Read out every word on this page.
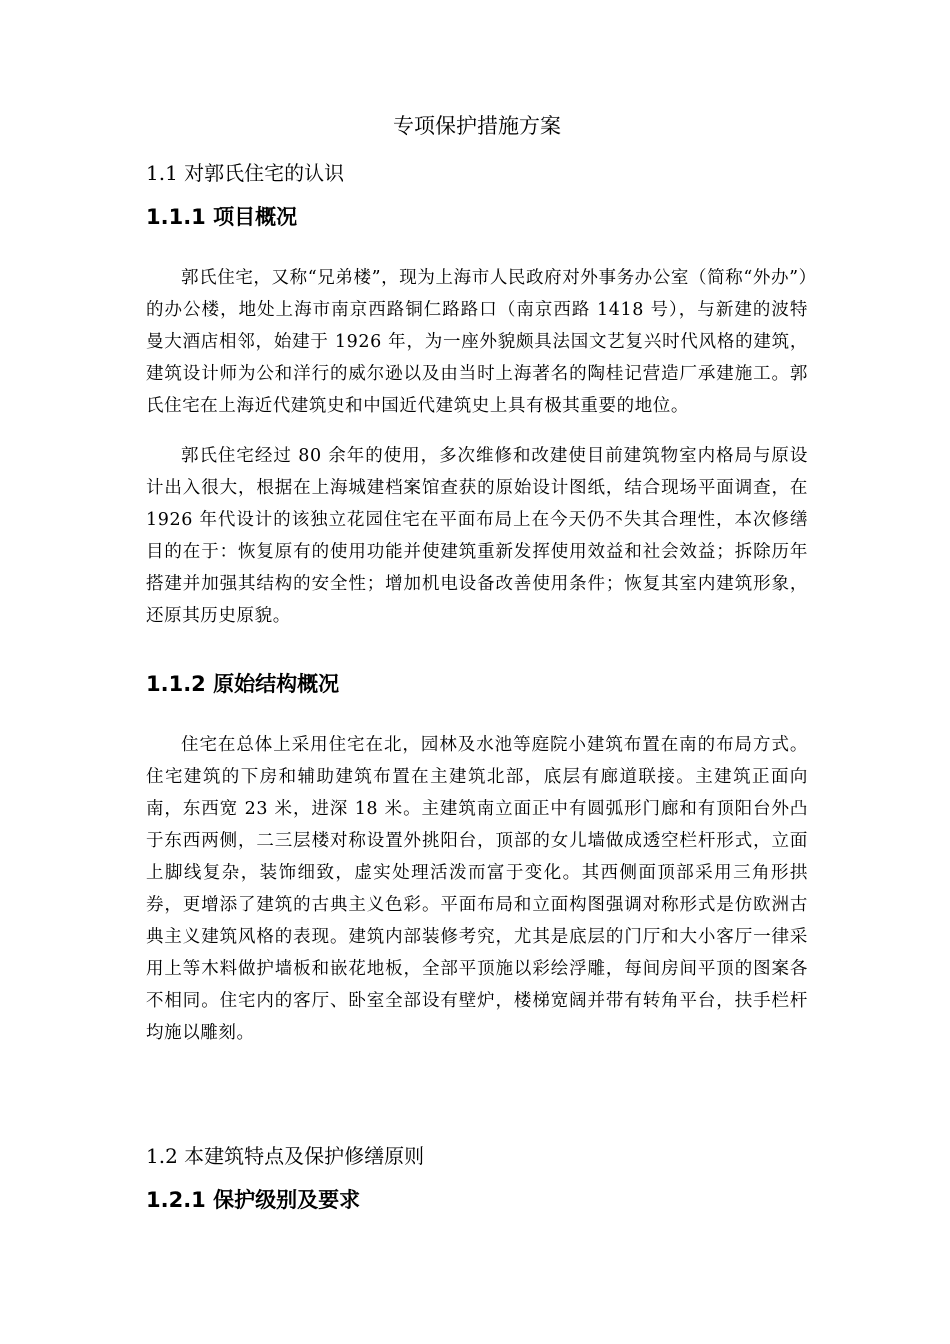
专项保护措施方案
1.1 对郭氏住宅的认识
1.1.1 项目概况

郭氏住宅，又称“兄弟楼”，现为上海市人民政府对外事务办公室（简称“外办”）的办公楼，地处上海市南京西路铜仁路路口（南京西路 1418 号），与新建的波特曼大酒店相邻，始建于 1926 年，为一座外貌颇具法国文艺复兴时代风格的建筑，建筑设计师为公和洋行的威尔逊以及由当时上海著名的陶桂记营造厂承建施工。郭氏住宅在上海近代建筑史和中国近代建筑史上具有极其重要的地位。

郭氏住宅经过 80 余年的使用，多次维修和改建使目前建筑物室内格局与原设计出入很大，根据在上海城建档案馆查获的原始设计图纸，结合现场平面调查，在 1926 年代设计的该独立花园住宅在平面布局上在今天仍不失其合理性，本次修缮目的在于：恢复原有的使用功能并使建筑重新发挥使用效益和社会效益；拆除历年搭建并加强其结构的安全性；增加机电设备改善使用条件；恢复其室内建筑形象，还原其历史原貌。

1.1.2 原始结构概况

住宅在总体上采用住宅在北，园林及水池等庭院小建筑布置在南的布局方式。住宅建筑的下房和辅助建筑布置在主建筑北部，底层有廊道联接。主建筑正面向南，东西宽 23 米，进深 18 米。主建筑南立面正中有圆弧形门廊和有顶阳台外凸于东西两侧，二三层楼对称设置外挑阳台，顶部的女儿墙做成透空栏杆形式，立面上脚线复杂，装饰细致，虚实处理活泼而富于变化。其西侧面顶部采用三角形拱券，更增添了建筑的古典主义色彩。平面布局和立面构图强调对称形式是仿欧洲古典主义建筑风格的表现。建筑内部装修考究，尤其是底层的门厅和大小客厅一律采用上等木料做护墙板和嵌花地板，全部平顶施以彩绘浮雕，每间房间平顶的图案各不相同。住宅内的客厅、卧室全部设有壁炉，楼梯宽阔并带有转角平台，扶手栏杆均施以雕刻。

1.2 本建筑特点及保护修缮原则
1.2.1 保护级别及要求
